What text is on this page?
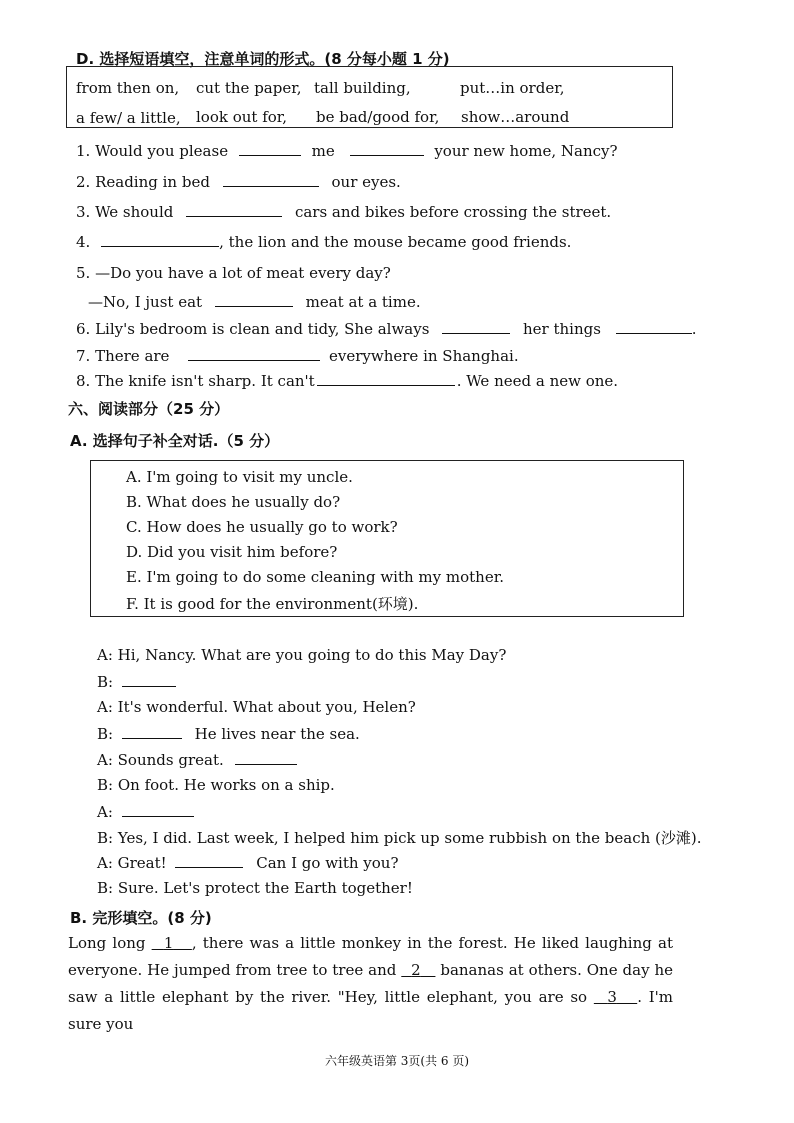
D. 选择短语填空，注意单词的形式。(8 分每小题 1 分)
from then on, cut the paper, tall building,	put…in order,
a few/ a little, look out for, be bad/good for, show…around
1. Would you please	me	your new home, Nancy?
2. Reading in bed	our eyes.
3. We should	cars and bikes before crossing the street.
4.	, the lion and the mouse became good friends.
5. —Do you have a lot of meat every day?
—No, I just eat	meat at a time.
6. Lily's bedroom is clean and tidy, She always	her things	.
7. There are	everywhere in Shanghai.
8. The knife isn't sharp. It can't	. We need a new one.
六、阅读部分（25 分）
A. 选择句子补全对话.（5 分）
A. I'm going to visit my uncle.
B. What does he usually do?
C. How does he usually go to work?
D. Did you visit him before?
E. I'm going to do some cleaning with my mother.
F. It is good for the environment(环境).
A: Hi, Nancy. What are you going to do this May Day?
B:
A: It's wonderful. What about you, Helen?
B:	He lives near the sea.
A: Sounds great.
B: On foot. He works on a ship.
A:
B: Yes, I did. Last week, I helped him pick up some rubbish on the beach (沙滩).
A: Great!	Can I go with you?
B: Sure. Let's protect the Earth together!
B. 完形填空。(8 分)
Long long   1 , there was a little monkey in the forest. He liked laughing at everyone. He jumped from tree to tree and   2    bananas at others. One day he saw a little elephant by the river. "Hey, little elephant, you are so   3 . I'm sure you
六年级英语第 3页(共 6 页)
